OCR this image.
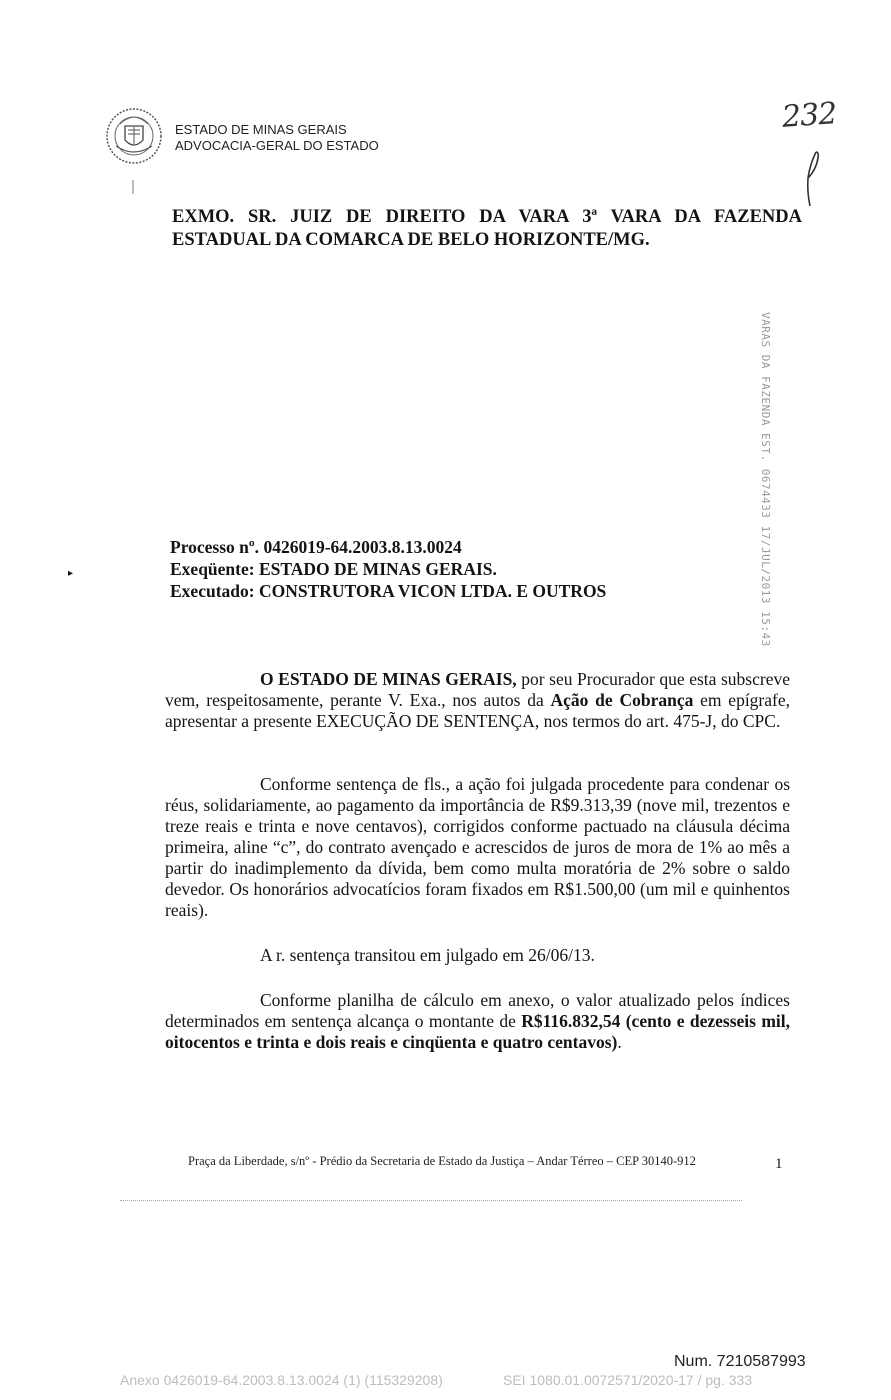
ESTADO DE MINAS GERAIS
ADVOCACIA-GERAL DO ESTADO
232
EXMO. SR. JUIZ DE DIREITO DA VARA 3ª VARA DA FAZENDA
ESTADUAL DA COMARCA DE BELO HORIZONTE/MG.
VARAS DA FAZENDA EST. 0674433 17/JUL/2013 15:43
Processo nº. 0426019-64.2003.8.13.0024
Exeqüente: ESTADO DE MINAS GERAIS.
Executado: CONSTRUTORA VICON LTDA. E OUTROS
▸
O ESTADO DE MINAS GERAIS, por seu Procurador que esta subscreve vem, respeitosamente, perante V. Exa., nos autos da Ação de Cobrança em epígrafe, apresentar a presente EXECUÇÃO DE SENTENÇA, nos termos do art. 475-J, do CPC.
Conforme sentença de fls., a ação foi julgada procedente para condenar os réus, solidariamente, ao pagamento da importância de R$9.313,39 (nove mil, trezentos e treze reais e trinta e nove centavos), corrigidos conforme pactuado na cláusula décima primeira, aline “c”, do contrato avençado e acrescidos de juros de mora de 1% ao mês a partir do inadimplemento da dívida, bem como multa moratória de 2% sobre o saldo devedor. Os honorários advocatícios foram fixados em R$1.500,00 (um mil e quinhentos reais).
A r. sentença transitou em julgado em 26/06/13.
Conforme planilha de cálculo em anexo, o valor atualizado pelos índices determinados em sentença alcança o montante de R$116.832,54 (cento e dezesseis mil, oitocentos e trinta e dois reais e cinqüenta e quatro centavos).
Praça da Liberdade, s/nº - Prédio da Secretaria de Estado da Justiça – Andar Térreo – CEP 30140-912	1
Num. 7210587993
Anexo 0426019-64.2003.8.13.0024 (1) (115329208)	SEI 1080.01.0072571/2020-17 / pg. 333
